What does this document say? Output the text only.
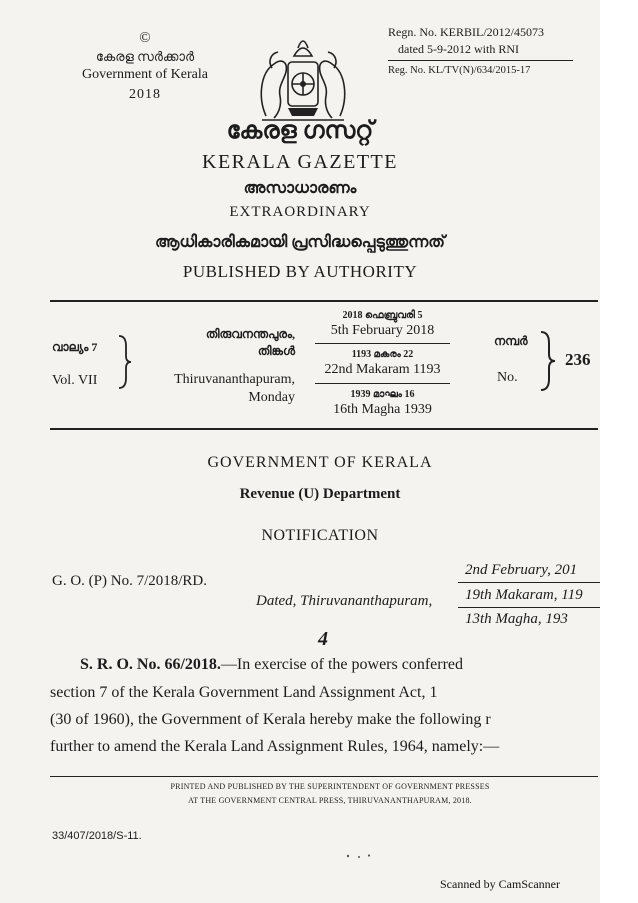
©
കേരള സർക്കാർ
Government of Kerala
2018
Regn. No. KERBIL/2012/45073
dated 5-9-2012 with RNI
Reg. No. KL/TV(N)/634/2015-17
കേരള ഗസറ്റ്
KERALA GAZETTE
അസാധാരണം
EXTRAORDINARY
ആധികാരികമായി പ്രസിദ്ധപ്പെടുത്തുന്നത്
PUBLISHED BY AUTHORITY
വാല്യം 7
Vol. VII
തിരുവനന്തപുരം,
തിങ്കൾ
Thiruvananthapuram,
Monday
2018 ഫെബ്രുവരി 5
5th February 2018
1193 മകരം 22
22nd Makaram 1193
1939 മാഘം 16
16th Magha 1939
നമ്പർ
No.
236
GOVERNMENT OF KERALA
Revenue (U) Department
NOTIFICATION
G. O. (P) No. 7/2018/RD.
Dated, Thiruvananthapuram,
2nd February, 201
19th Makaram, 119
13th Magha, 193
4
S. R. O. No. 66/2018.—In exercise of the powers conferred
section 7 of the Kerala Government Land Assignment Act, 1
(30 of 1960), the Government of Kerala hereby make the following r
further to amend the Kerala Land Assignment Rules, 1964, namely:—
PRINTED AND PUBLISHED BY THE SUPERINTENDENT OF GOVERNMENT PRESSES
AT THE GOVERNMENT CENTRAL PRESS, THIRUVANANTHAPURAM, 2018.
33/407/2018/S-11.
Scanned by CamScanner
